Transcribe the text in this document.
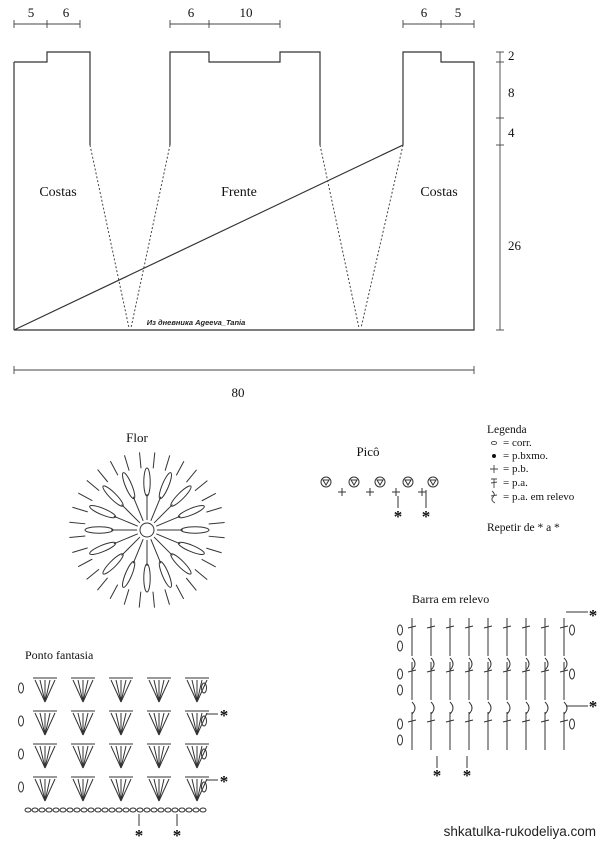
5 6	6	10	6 5
Costas	Frente	Costas
Из дневника Ageeva_Tania
2
8
4
26
80
Flor
Picô
* *
Legenda
= corr.
= p.bxmo.
= p.b.
= p.a.
= p.a. em relevo
Repetir de * a *
Barra em relevo
*
*
* *
Ponto fantasia
*
*
* *	shkatulka-rukodeliya.com
